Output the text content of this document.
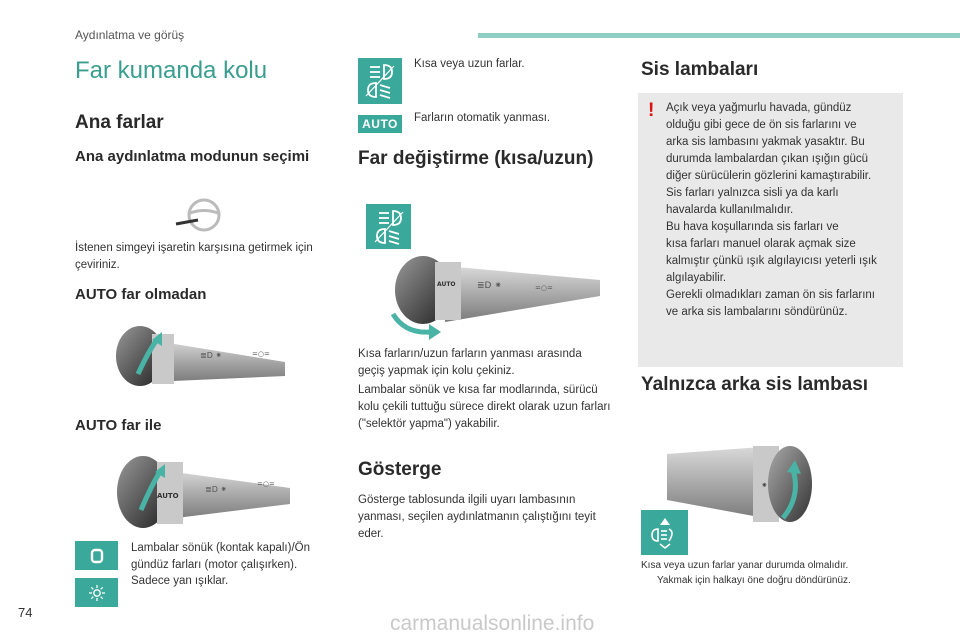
Aydınlatma ve görüş
Far kumanda kolu
Ana farlar
Ana aydınlatma modunun seçimi
İstenen simgeyi işaretin karşısına getirmek için çeviriniz.
AUTO far olmadan
≣D ⁕	=○=
AUTO far ile
AUTO
≣D ⁕
=○=
Lambalar sönük (kontak kapalı)/Ön gündüz farları (motor çalışırken).
Sadece yan ışıklar.
Kısa veya uzun farlar.
AUTO Farların otomatik yanması.
Far değiştirme (kısa/uzun)
AUTO ≣D ⁕	=○=
Kısa farların/uzun farların yanması arasında geçiş yapmak için kolu çekiniz.
Lambalar sönük ve kısa far modlarında, sürücü kolu çekili tuttuğu sürece direkt olarak uzun farları ("selektör yapma") yakabilir.
Gösterge
Gösterge tablosunda ilgili uyarı lambasının yanması, seçilen aydınlatmanın çalıştığını teyit eder.
Sis lambaları
! Açık veya yağmurlu havada, gündüz
olduğu gibi gece de ön sis farlarını ve
arka sis lambasını yakmak yasaktır. Bu
durumda lambalardan çıkan ışığın gücü
diğer sürücülerin gözlerini kamaştırabilir.
Sis farları yalnızca sisli ya da karlı
havalarda kullanılmalıdır.
Bu hava koşullarında sis farları ve
kısa farları manuel olarak açmak size
kalmıştır çünkü ışık algılayıcısı yeterli ışık
algılayabilir.
Gerekli olmadıkları zaman ön sis farlarını
ve arka sis lambalarını söndürünüz.
Yalnızca arka sis lambası
⁕
Kısa veya uzun farlar yanar durumda olmalıdır.
Yakmak için halkayı öne doğru döndürünüz.
74	carmanualsonline.info
